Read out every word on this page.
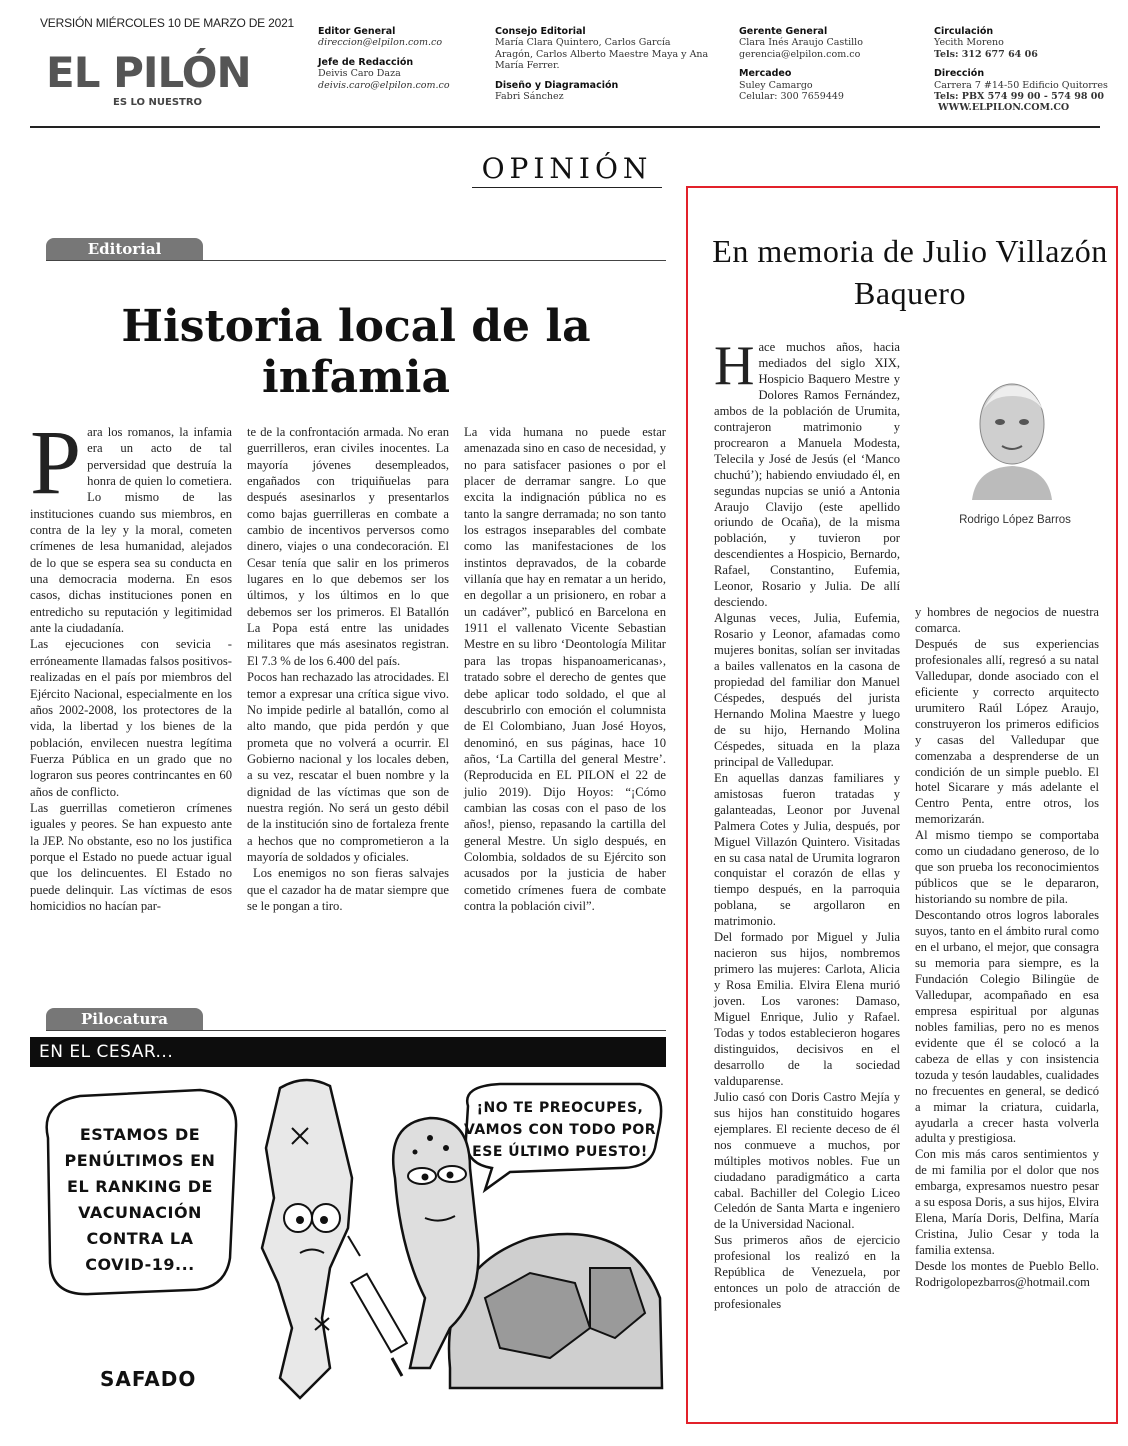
VERSIÓN MIÉRCOLES 10 DE MARZO DE 2021
EL PILÓN
ES LO NUESTRO
Editor General
direccion@elpilon.com.co
Jefe de Redacción
Deivis Caro Daza
deivis.caro@elpilon.com.co
Consejo Editorial
María Clara Quintero, Carlos García Aragón, Carlos Alberto Maestre Maya y Ana María Ferrer.
Diseño y Diagramación
Fabri Sánchez
Gerente General
Clara Inés Araujo Castillo
gerencia@elpilon.com.co
Mercadeo
Suley Camargo
Celular: 300 7659449
Circulación
Yecith Moreno
Tels: 312 677 64 06
Dirección
Carrera 7 #14-50 Edificio Quitorres
Tels: PBX 574 99 00 - 574 98 00
WWW.ELPILON.COM.CO
OPINIÓN
Editorial
Historia local de la infamia

Para los romanos, la infamia era un acto de tal perversidad que destruía la honra de quien lo cometiera. Lo mismo de las instituciones cuando sus miembros, en contra de la ley y la moral, cometen crímenes de lesa humanidad, alejados de lo que se espera sea su conducta en una democracia moderna. En esos casos, dichas instituciones ponen en entredicho su reputación y legitimidad ante la ciudadanía.

Las ejecuciones con sevicia -erróneamente llamadas falsos positivos- realizadas en el país por miembros del Ejército Nacional, especialmente en los años 2002-2008, los protectores de la vida, la libertad y los bienes de la población, envilecen nuestra legítima Fuerza Pública en un grado que no lograron sus peores contrincantes en 60 años de conflicto.

Las guerrillas cometieron crímenes iguales y peores. Se han expuesto ante la JEP. No obstante, eso no los justifica porque el Estado no puede actuar igual que los delincuentes. El Estado no puede delinquir. Las víctimas de esos homicidios no hacían par-

te de la confrontación armada. No eran guerrilleros, eran civiles inocentes. La mayoría jóvenes desempleados, engañados con triquiñuelas para después asesinarlos y presentarlos como bajas guerrilleras en combate a cambio de incentivos perversos como dinero, viajes o una condecoración. El Cesar tenía que salir en los primeros lugares en lo que debemos ser los últimos, y los últimos en lo que debemos ser los primeros. El Batallón La Popa está entre las unidades militares que más asesinatos registran. El 7.3 % de los 6.400 del país.

Pocos han rechazado las atrocidades. El temor a expresar una crítica sigue vivo. No impide pedirle al batallón, como al alto mando, que pida perdón y que prometa que no volverá a ocurrir. El Gobierno nacional y los locales deben, a su vez, rescatar el buen nombre y la dignidad de las víctimas que son de nuestra región. No será un gesto débil de la institución sino de fortaleza frente a hechos que no comprometieron a la mayoría de soldados y oficiales.

Los enemigos no son fieras salvajes que el cazador ha de matar siempre que se le pongan a tiro.

La vida humana no puede estar amenazada sino en caso de necesidad, y no para satisfacer pasiones o por el placer de derramar sangre. Lo que excita la indignación pública no es tanto la sangre derramada; no son tanto los estragos inseparables del combate como las manifestaciones de los instintos depravados, de la cobarde villanía que hay en rematar a un herido, en degollar a un prisionero, en robar a un cadáver”, publicó en Barcelona en 1911 el vallenato Vicente Sebastian Mestre en su libro ‘Deontología Militar para las tropas hispanoamericanas›, tratado sobre el derecho de gentes que debe aplicar todo soldado, el que al descubrirlo con emoción el columnista de El Colombiano, Juan José Hoyos, denominó, en sus páginas, hace 10 años, ‘La Cartilla del general Mestre’. (Reproducida en EL PILON el 22 de julio 2019). Dijo Hoyos: “¡Cómo cambian las cosas con el paso de los años!, pienso, repasando la cartilla del general Mestre. Un siglo después, en Colombia, soldados de su Ejército son acusados por la justicia de haber cometido crímenes fuera de combate contra la población civil”.

Pilocatura
EN EL CESAR...
ESTAMOS DE
PENÚLTIMOS EN
EL RANKING DE
VACUNACIÓN
CONTRA LA
COVID-19...
¡NO TE PREOCUPES,
VAMOS CON TODO POR
ESE ÚLTIMO PUESTO!
SAFADO
En memoria de Julio Villazón Baquero
Rodrigo López Barros

Hace muchos años, hacia mediados del siglo XIX, Hospicio Baquero Mestre y Dolores Ramos Fernández, ambos de la población de Urumita, contrajeron matrimonio y procrearon a Manuela Modesta, Telecila y José de Jesús (el ‘Manco chuchú’); habiendo enviudado él, en segundas nupcias se unió a Antonia Araujo Clavijo (este apellido oriundo de Ocaña), de la misma población, y tuvieron por descendientes a Hospicio, Bernardo, Rafael, Constantino, Eufemia, Leonor, Rosario y Julia. De allí desciendo.

Algunas veces, Julia, Eufemia, Rosario y Leonor, afamadas como mujeres bonitas, solían ser invitadas a bailes vallenatos en la casona de propiedad del familiar don Manuel Céspedes, después del jurista Hernando Molina Maestre y luego de su hijo, Hernando Molina Céspedes, situada en la plaza principal de Valledupar.

En aquellas danzas familiares y amistosas fueron tratadas y galanteadas, Leonor por Juvenal Palmera Cotes y Julia, después, por Miguel Villazón Quintero. Visitadas en su casa natal de Urumita lograron conquistar el corazón de ellas y tiempo después, en la parroquia poblana, se argollaron en matrimonio.

Del formado por Miguel y Julia nacieron sus hijos, nombremos primero las mujeres: Carlota, Alicia y Rosa Emilia. Elvira Elena murió joven. Los varones: Damaso, Miguel Enrique, Julio y Rafael. Todas y todos establecieron hogares distinguidos, decisivos en el desarrollo de la sociedad valduparense.

Julio casó con Doris Castro Mejía y sus hijos han constituido hogares ejemplares. El reciente deceso de él nos conmueve a muchos, por múltiples motivos nobles. Fue un ciudadano paradigmático a carta cabal. Bachiller del Colegio Liceo Celedón de Santa Marta e ingeniero de la Universidad Nacional.

Sus primeros años de ejercicio profesional los realizó en la República de Venezuela, por entonces un polo de atracción de profesionales

y hombres de negocios de nuestra comarca.

Después de sus experiencias profesionales allí, regresó a su natal Valledupar, donde asociado con el eficiente y correcto arquitecto urumitero Raúl López Araujo, construyeron los primeros edificios y casas del Valledupar que comenzaba a desprenderse de un condición de un simple pueblo. El hotel Sicarare y más adelante el Centro Penta, entre otros, los memorizarán.

Al mismo tiempo se comportaba como un ciudadano generoso, de lo que son prueba los reconocimientos públicos que se le depararon, historiando su nombre de pila.

Descontando otros logros laborales suyos, tanto en el ámbito rural como en el urbano, el mejor, que consagra su memoria para siempre, es la Fundación Colegio Bilingüe de Valledupar, acompañado en esa empresa espiritual por algunas nobles familias, pero no es menos evidente que él se colocó a la cabeza de ellas y con insistencia tozuda y tesón laudables, cualidades no frecuentes en general, se dedicó a mimar la criatura, cuidarla, ayudarla a crecer hasta volverla adulta y prestigiosa.

Con mis más caros sentimientos y de mi familia por el dolor que nos embarga, expresamos nuestro pesar a su esposa Doris, a sus hijos, Elvira Elena, María Doris, Delfina, María Cristina, Julio Cesar y toda la familia extensa.

Desde los montes de Pueblo Bello. Rodrigolopezbarros@hotmail.com
